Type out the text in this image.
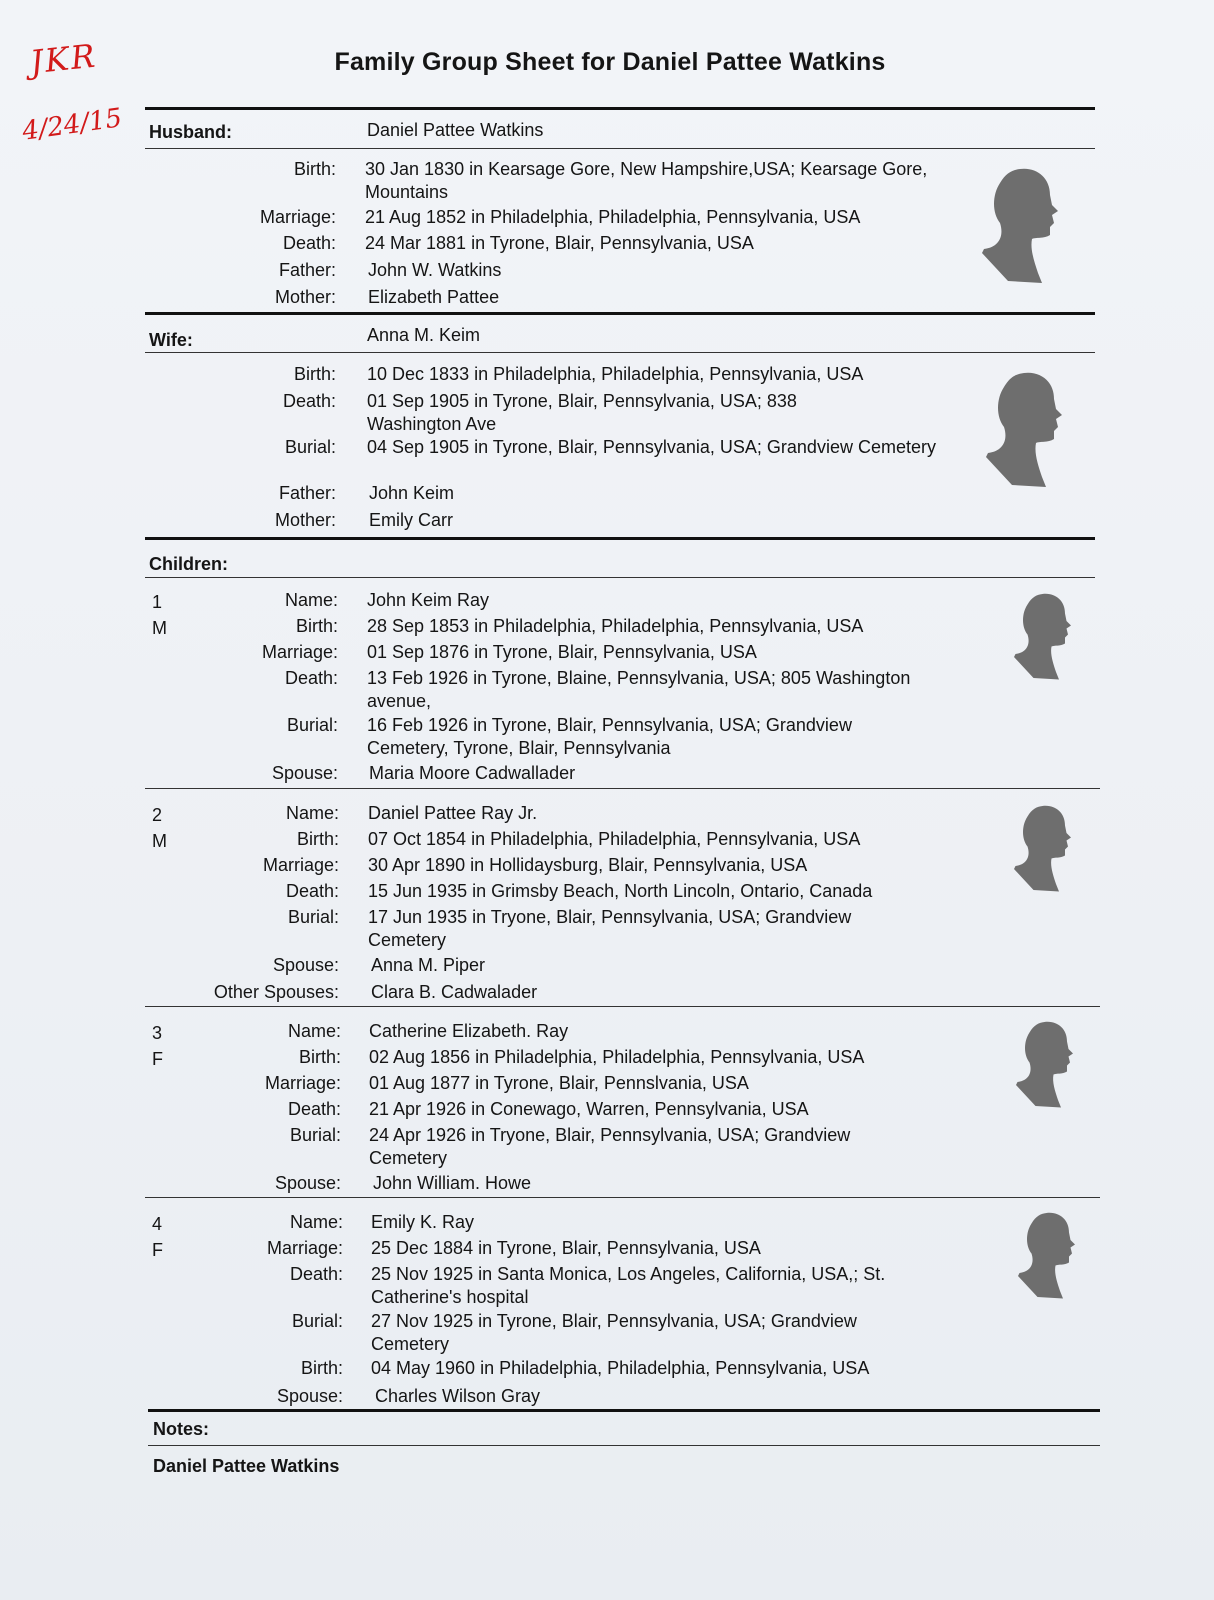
JKR
4/24/15
Family Group Sheet for Daniel Pattee Watkins
Husband:	Daniel Pattee Watkins
Birth: 30 Jan 1830 in Kearsage Gore, New Hampshire,USA; Kearsage Gore, Mountains
Marriage: 21 Aug 1852 in Philadelphia, Philadelphia, Pennsylvania, USA
Death: 24 Mar 1881 in Tyrone, Blair, Pennsylvania, USA
Father: John W. Watkins
Mother: Elizabeth Pattee
Wife:	Anna M. Keim
Birth: 10 Dec 1833 in Philadelphia, Philadelphia, Pennsylvania, USA
Death: 01 Sep 1905 in Tyrone, Blair, Pennsylvania, USA; 838 Washington Ave
Burial: 04 Sep 1905 in Tyrone, Blair, Pennsylvania, USA; Grandview Cemetery
Father: John Keim
Mother: Emily Carr
Children:
1
M
Name: John Keim Ray
Birth: 28 Sep 1853 in Philadelphia, Philadelphia, Pennsylvania, USA
Marriage: 01 Sep 1876 in Tyrone, Blair, Pennsylvania, USA
Death: 13 Feb 1926 in Tyrone, Blaine, Pennsylvania, USA; 805 Washington avenue,
Burial: 16 Feb 1926 in Tyrone, Blair, Pennsylvania, USA; Grandview Cemetery, Tyrone, Blair, Pennsylvania
Spouse: Maria Moore Cadwallader
2
M
Name: Daniel Pattee Ray Jr.
Birth: 07 Oct 1854 in Philadelphia, Philadelphia, Pennsylvania, USA
Marriage: 30 Apr 1890 in Hollidaysburg, Blair, Pennsylvania, USA
Death: 15 Jun 1935 in Grimsby Beach, North Lincoln, Ontario, Canada
Burial: 17 Jun 1935 in Tryone, Blair, Pennsylvania, USA; Grandview Cemetery
Spouse: Anna M. Piper
Other Spouses: Clara B. Cadwalader
3
F
Name: Catherine Elizabeth. Ray
Birth: 02 Aug 1856 in Philadelphia, Philadelphia, Pennsylvania, USA
Marriage: 01 Aug 1877 in Tyrone, Blair, Pennslvania, USA
Death: 21 Apr 1926 in Conewago, Warren, Pennsylvania, USA
Burial: 24 Apr 1926 in Tryone, Blair, Pennsylvania, USA; Grandview Cemetery
Spouse: John William. Howe
4
F
Name: Emily K. Ray
Marriage: 25 Dec 1884 in Tyrone, Blair, Pennsylvania, USA
Death: 25 Nov 1925 in Santa Monica, Los Angeles, California, USA,; St. Catherine's hospital
Burial: 27 Nov 1925 in Tyrone, Blair, Pennsylvania, USA; Grandview Cemetery
Birth: 04 May 1960 in Philadelphia, Philadelphia, Pennsylvania, USA
Spouse: Charles Wilson Gray
Notes:
Daniel Pattee Watkins
